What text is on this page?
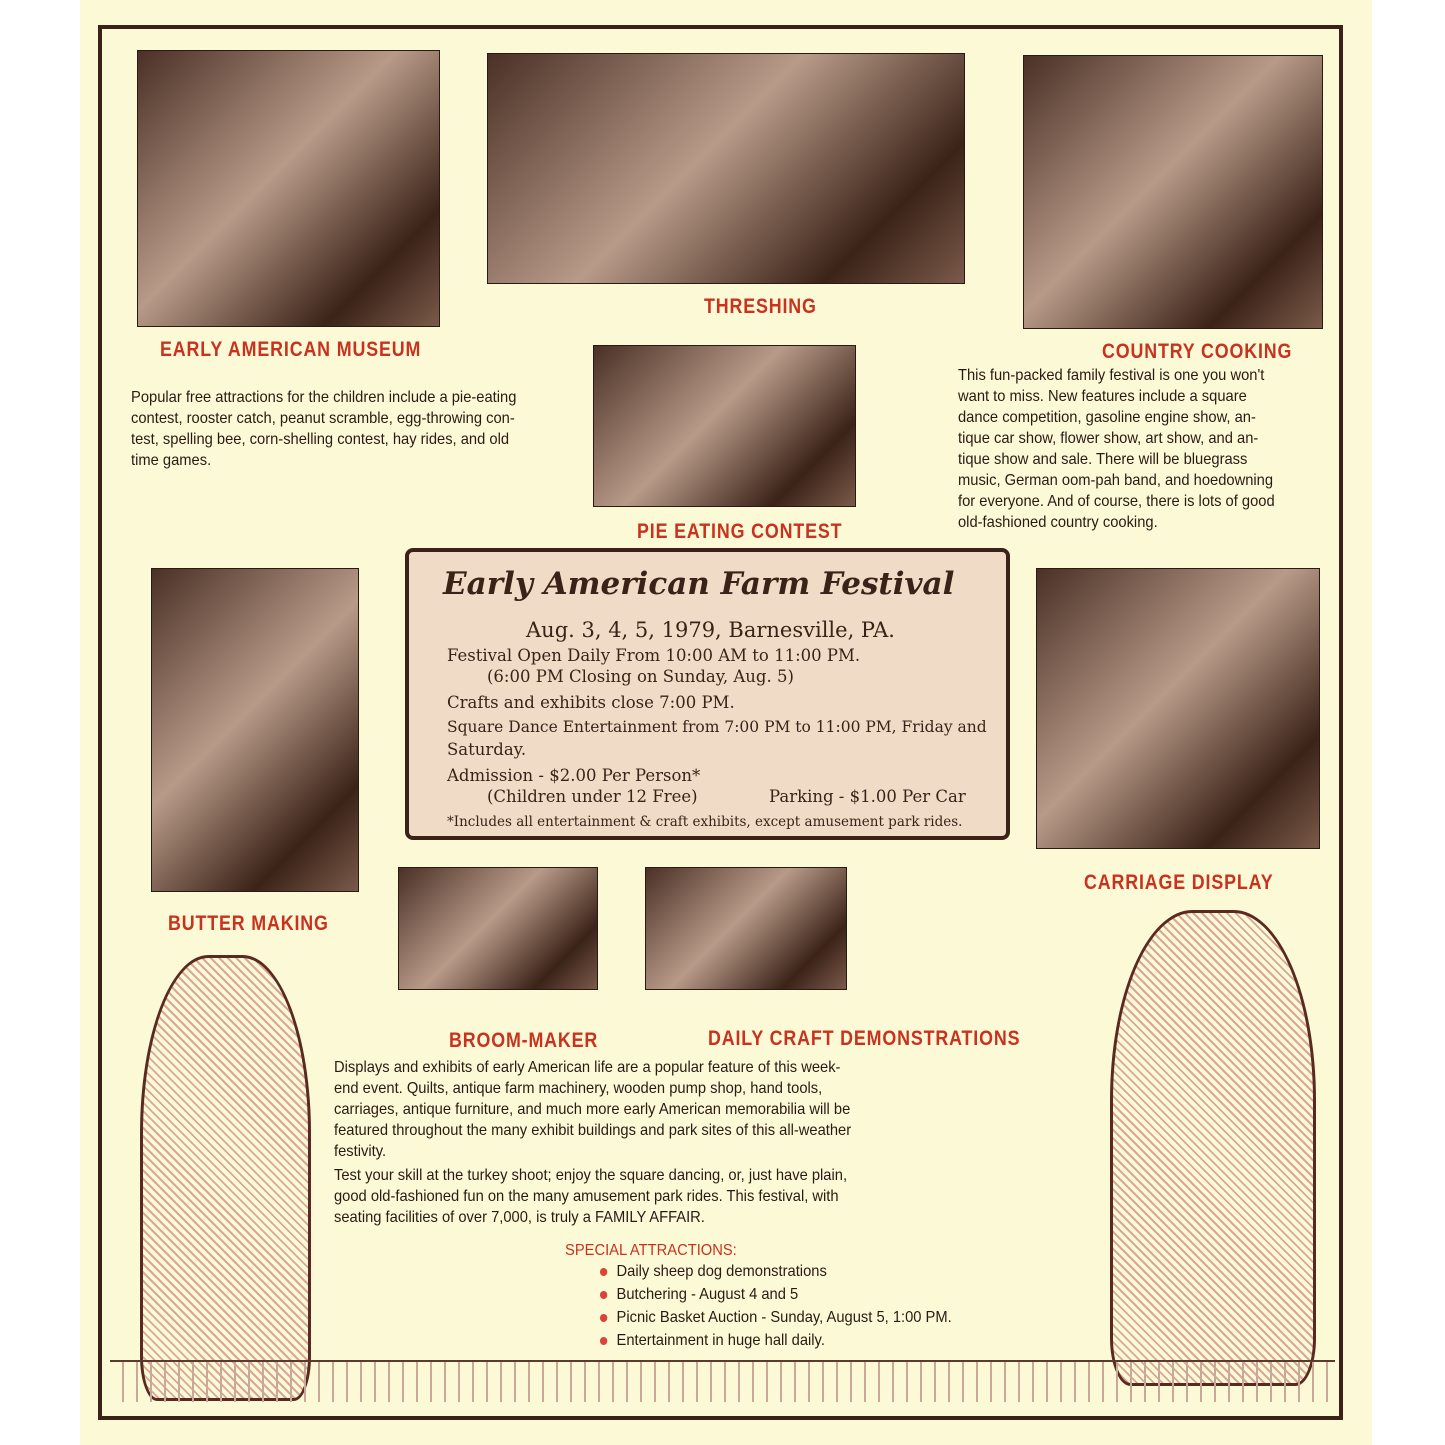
EARLY AMERICAN MUSEUM
THRESHING
COUNTRY COOKING
PIE EATING CONTEST
BUTTER MAKING
CARRIAGE DISPLAY
BROOM-MAKER	DAILY CRAFT DEMONSTRATIONS
Popular free attractions for the children include a pie-eating
contest, rooster catch, peanut scramble, egg-throwing con-
test, spelling bee, corn-shelling contest, hay rides, and old
time games.
This fun-packed family festival is one you won't
want to miss. New features include a square
dance competition, gasoline engine show, an-
tique car show, flower show, art show, and an-
tique show and sale. There will be bluegrass
music, German oom-pah band, and hoedowning
for everyone. And of course, there is lots of good
old-fashioned country cooking.
Displays and exhibits of early American life are a popular feature of this week-
end event. Quilts, antique farm machinery, wooden pump shop, hand tools,
carriages, antique furniture, and much more early American memorabilia will be
featured throughout the many exhibit buildings and park sites of this all-weather
festivity.
Test your skill at the turkey shoot; enjoy the square dancing, or, just have plain,
good old-fashioned fun on the many amusement park rides. This festival, with
seating facilities of over 7,000, is truly a FAMILY AFFAIR.
Early American Farm Festival
Aug. 3, 4, 5, 1979, Barnesville, PA.
Festival Open Daily From 10:00 AM to 11:00 PM.
(6:00 PM Closing on Sunday, Aug. 5)
Crafts and exhibits close 7:00 PM.
Square Dance Entertainment from 7:00 PM to 11:00 PM, Friday and
Saturday.
Admission - $2.00 Per Person*
(Children under 12 Free)	Parking - $1.00 Per Car
*Includes all entertainment & craft exhibits, except amusement park rides.
SPECIAL ATTRACTIONS:
Daily sheep dog demonstrations
Butchering - August 4 and 5
Picnic Basket Auction - Sunday, August 5, 1:00 PM.
Entertainment in huge hall daily.
